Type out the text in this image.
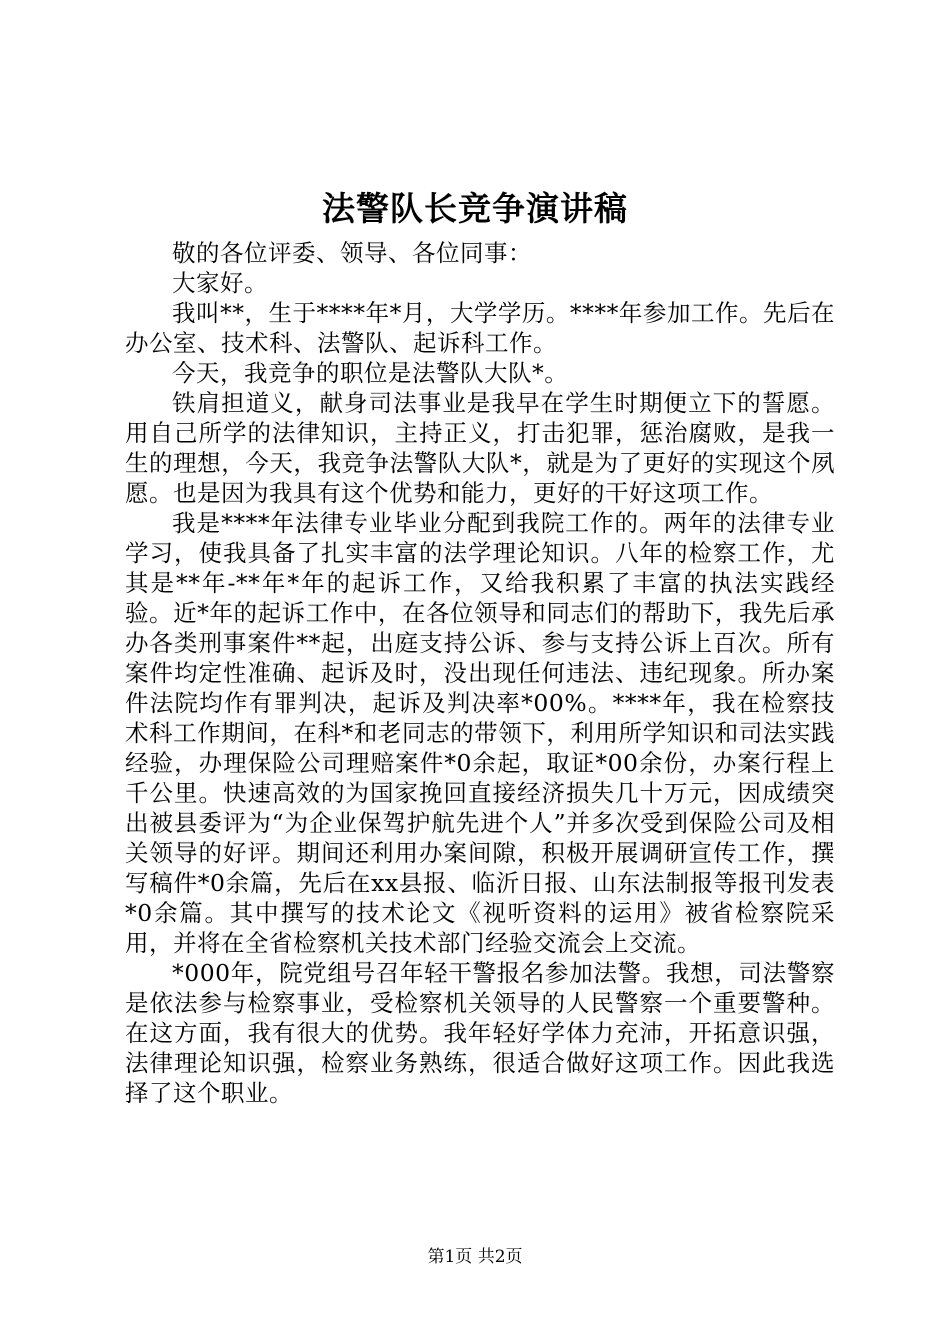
法警队长竞争演讲稿

敬的各位评委、领导、各位同事：

大家好。

我叫**，生于****年*月，大学学历。****年参加工作。先后在办公室、技术科、法警队、起诉科工作。

今天，我竞争的职位是法警队大队*。

铁肩担道义，献身司法事业是我早在学生时期便立下的誓愿。用自己所学的法律知识，主持正义，打击犯罪，惩治腐败，是我一生的理想，今天，我竞争法警队大队*，就是为了更好的实现这个夙愿。也是因为我具有这个优势和能力，更好的干好这项工作。

我是****年法律专业毕业分配到我院工作的。两年的法律专业学习，使我具备了扎实丰富的法学理论知识。八年的检察工作，尤其是**年-**年*年的起诉工作，又给我积累了丰富的执法实践经验。近*年的起诉工作中，在各位领导和同志们的帮助下，我先后承办各类刑事案件**起，出庭支持公诉、参与支持公诉上百次。所有案件均定性准确、起诉及时，没出现任何违法、违纪现象。所办案件法院均作有罪判决，起诉及判决率*00%。****年，我在检察技术科工作期间，在科*和老同志的带领下，利用所学知识和司法实践经验，办理保险公司理赔案件*0余起，取证*00余份，办案行程上千公里。快速高效的为国家挽回直接经济损失几十万元，因成绩突出被县委评为“为企业保驾护航先进个人”并多次受到保险公司及相关领导的好评。期间还利用办案间隙，积极开展调研宣传工作，撰写稿件*0余篇，先后在xx县报、临沂日报、山东法制报等报刊发表*0余篇。其中撰写的技术论文《视听资料的运用》被省检察院采用，并将在全省检察机关技术部门经验交流会上交流。

*000年，院党组号召年轻干警报名参加法警。我想，司法警察是依法参与检察事业，受检察机关领导的人民警察一个重要警种。在这方面，我有很大的优势。我年轻好学体力充沛，开拓意识强，法律理论知识强，检察业务熟练，很适合做好这项工作。因此我选择了这个职业。

第1页 共2页
